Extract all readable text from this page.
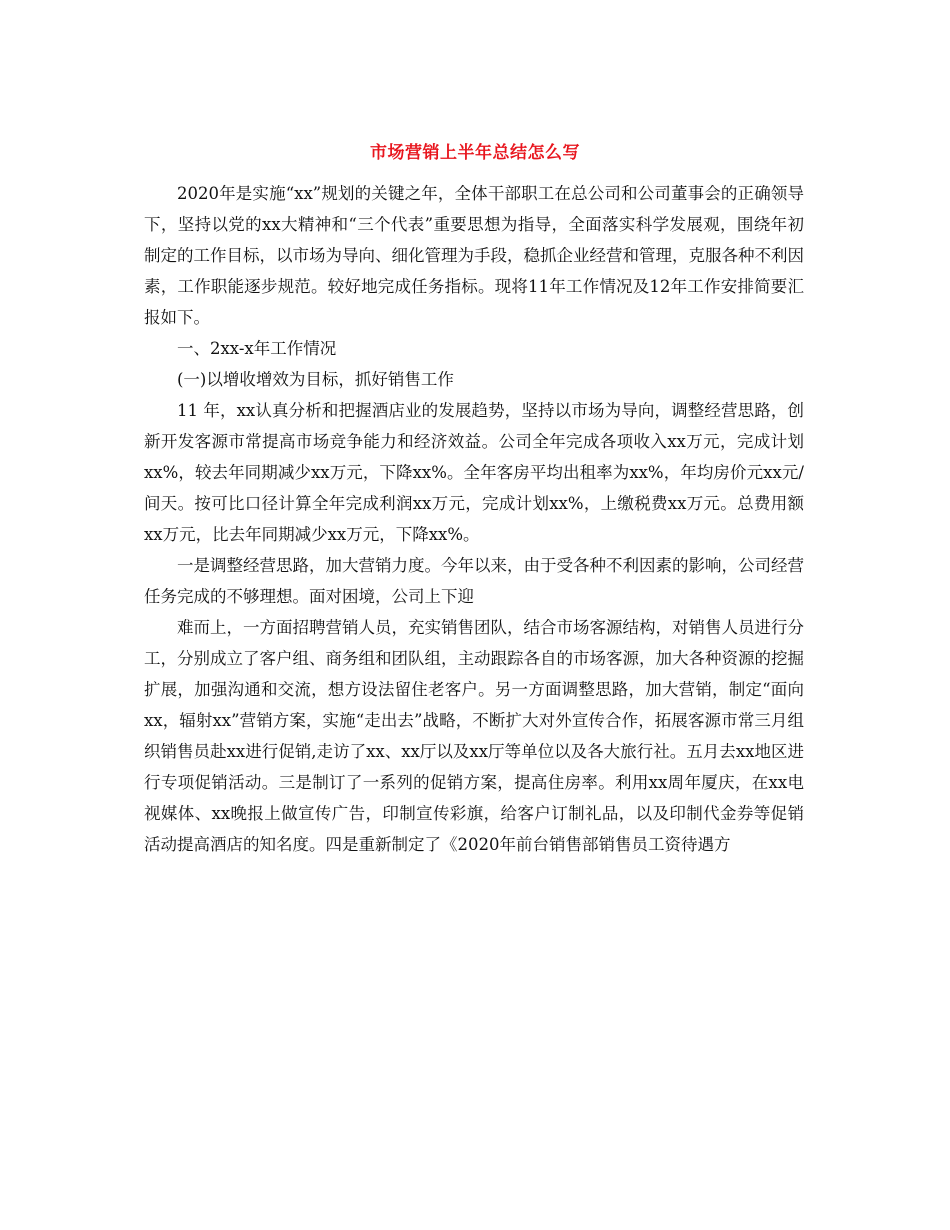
市场营销上半年总结怎么写

2020年是实施“xx”规划的关键之年，全体干部职工在总公司和公司董事会的正确领导下，坚持以党的xx大精神和“三个代表”重要思想为指导，全面落实科学发展观，围绕年初制定的工作目标，以市场为导向、细化管理为手段，稳抓企业经营和管理，克服各种不利因素，工作职能逐步规范。较好地完成任务指标。现将11年工作情况及12年工作安排简要汇报如下。

一、2xx-x年工作情况

(一)以增收增效为目标，抓好销售工作

11 年，xx认真分析和把握酒店业的发展趋势，坚持以市场为导向，调整经营思路，创新开发客源市常提高市场竞争能力和经济效益。公司全年完成各项收入xx万元，完成计划xx%，较去年同期减少xx万元，下降xx%。全年客房平均出租率为xx%，年均房价元xx元/间天。按可比口径计算全年完成利润xx万元，完成计划xx%，上缴税费xx万元。总费用额xx万元，比去年同期减少xx万元，下降xx%。

一是调整经营思路，加大营销力度。今年以来，由于受各种不利因素的影响，公司经营任务完成的不够理想。面对困境，公司上下迎

难而上，一方面招聘营销人员，充实销售团队，结合市场客源结构，对销售人员进行分工，分别成立了客户组、商务组和团队组，主动跟踪各自的市场客源，加大各种资源的挖掘扩展，加强沟通和交流，想方设法留住老客户。另一方面调整思路，加大营销，制定“面向xx，辐射xx”营销方案，实施“走出去”战略，不断扩大对外宣传合作，拓展客源市常三月组织销售员赴xx进行促销,走访了xx、xx厅以及xx厅等单位以及各大旅行社。五月去xx地区进行专项促销活动。三是制订了一系列的促销方案，提高住房率。利用xx周年厦庆，在xx电视媒体、xx晚报上做宣传广告，印制宣传彩旗，给客户订制礼品，以及印制代金券等促销活动提高酒店的知名度。四是重新制定了《2020年前台销售部销售员工资待遇方
